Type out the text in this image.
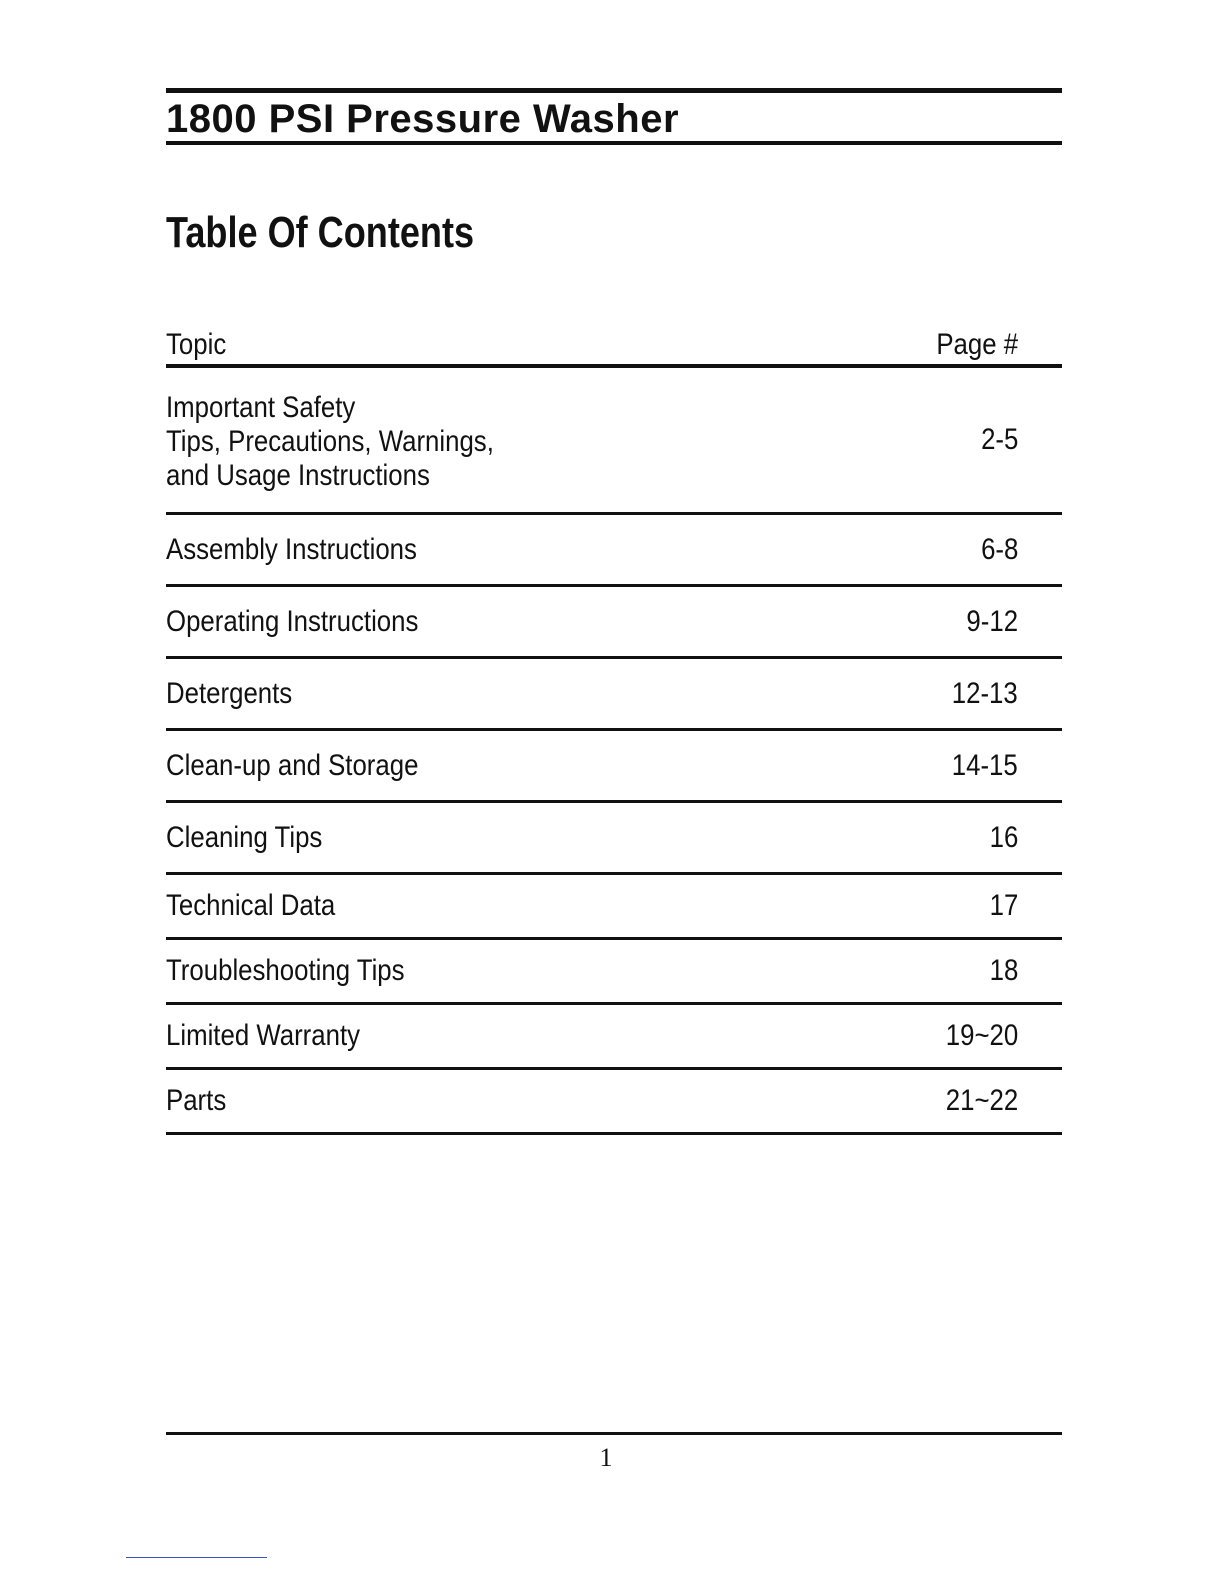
1800 PSI Pressure Washer
Table Of Contents
Topic	Page #
Important Safety
Tips, Precautions, Warnings,
and Usage Instructions
2-5
Assembly Instructions	6-8
Operating Instructions	9-12
Detergents	12-13
Clean-up and Storage	14-15
Cleaning Tips	16
Technical Data	17
Troubleshooting Tips	18
Limited Warranty	19~20
Parts	21~22
1
